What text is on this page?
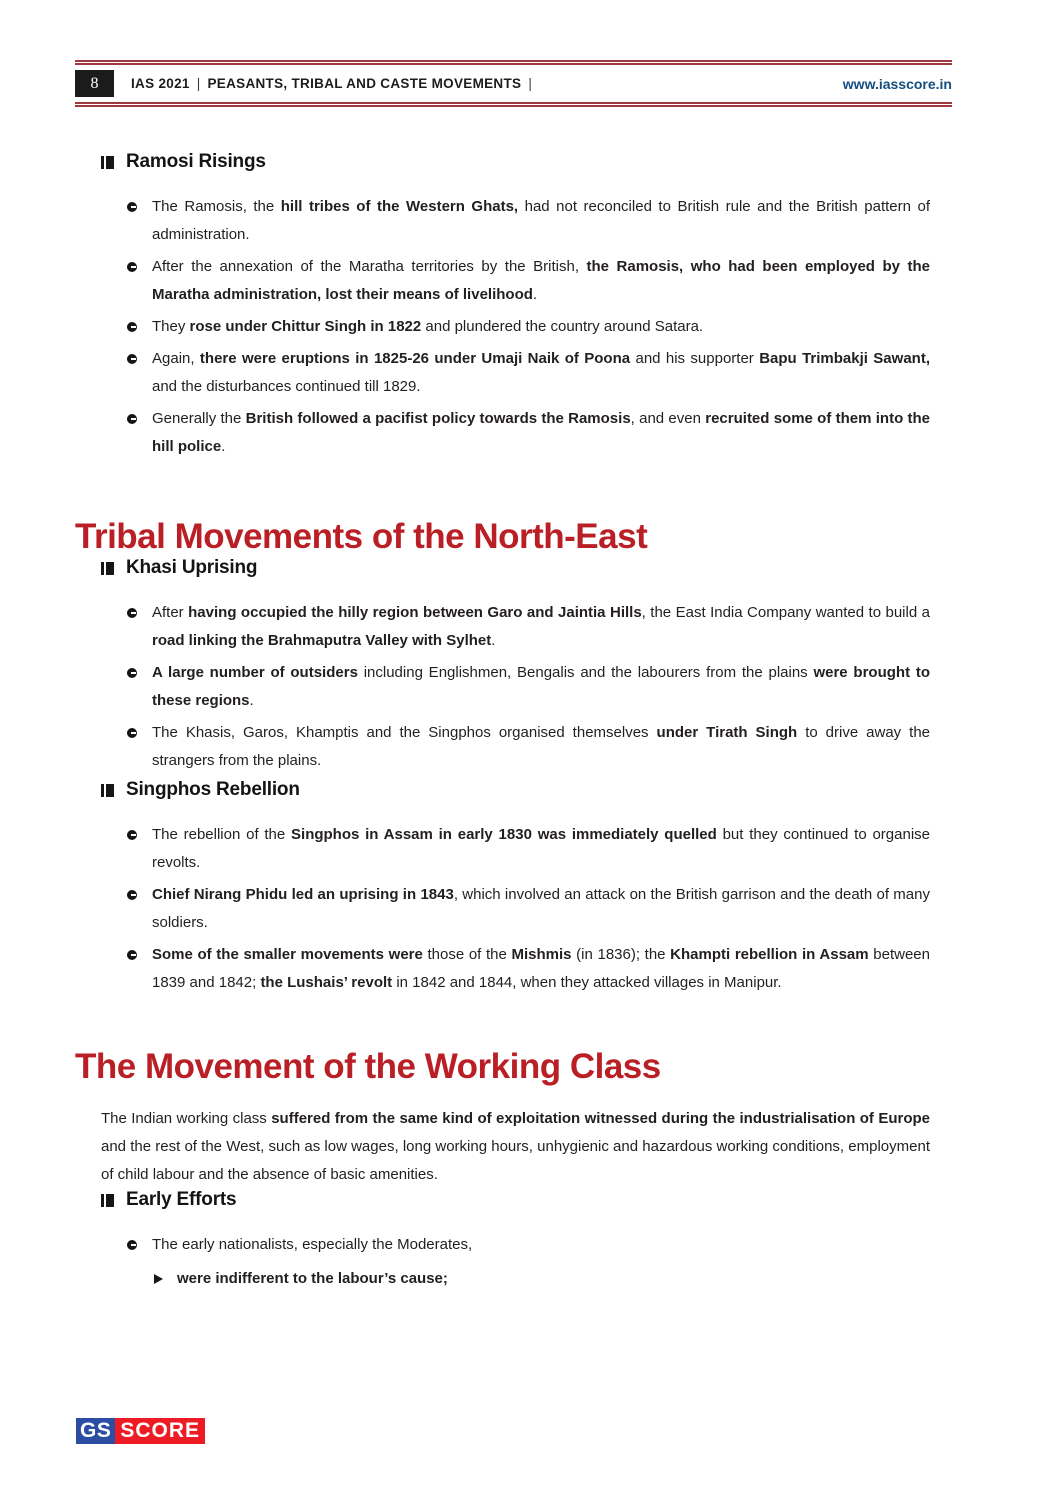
8	IAS 2021 | PEASANTS, TRIBAL AND CASTE MOVEMENTS |	www.iasscore.in
Ramosi Risings

The Ramosis, the hill tribes of the Western Ghats, had not reconciled to British rule and the British pattern of administration.

After the annexation of the Maratha territories by the British, the Ramosis, who had been employed by the Maratha administration, lost their means of livelihood.

They rose under Chittur Singh in 1822 and plundered the country around Satara.

Again, there were eruptions in 1825-26 under Umaji Naik of Poona and his supporter Bapu Trimbakji Sawant, and the disturbances continued till 1829.

Generally the British followed a pacifist policy towards the Ramosis, and even recruited some of them into the hill police.

Tribal Movements of the North-East
Khasi Uprising

After having occupied the hilly region between Garo and Jaintia Hills, the East India Company wanted to build a road linking the Brahmaputra Valley with Sylhet.

A large number of outsiders including Englishmen, Bengalis and the labourers from the plains were brought to these regions.

The Khasis, Garos, Khamptis and the Singphos organised themselves under Tirath Singh to drive away the strangers from the plains.

Singphos Rebellion

The rebellion of the Singphos in Assam in early 1830 was immediately quelled but they continued to organise revolts.

Chief Nirang Phidu led an uprising in 1843, which involved an attack on the British garrison and the death of many soldiers.

Some of the smaller movements were those of the Mishmis (in 1836); the Khampti rebellion in Assam between 1839 and 1842; the Lushais’ revolt in 1842 and 1844, when they attacked villages in Manipur.

The Movement of the Working Class

The Indian working class suffered from the same kind of exploitation witnessed during the industrialisation of Europe and the rest of the West, such as low wages, long working hours, unhygienic and hazardous working conditions, employment of child labour and the absence of basic amenities.

Early Efforts

The early nationalists, especially the Moderates,

were indifferent to the labour’s cause;

GS SCORE
